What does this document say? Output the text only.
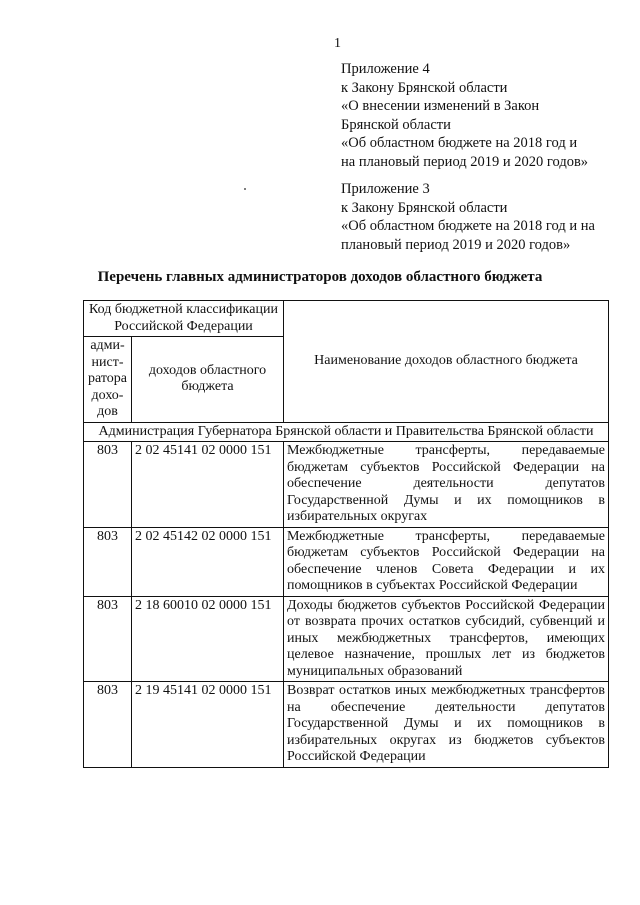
1
Приложение 4
к Закону Брянской области
«О внесении изменений в Закон
Брянской области
«Об областном бюджете на 2018 год и
на плановый период 2019 и 2020 годов»
Приложение 3
к Закону Брянской области
«Об областном бюджете на 2018 год и на
плановый период 2019 и 2020 годов»
Перечень главных администраторов доходов областного бюджета
Код бюджетной классификации Российской Федерации		Наименование доходов областного бюджета
адми-нист-ратора дохо-дов	доходов областного бюджета	
Администрация Губернатора Брянской области и Правительства Брянской области		
803	2 02 45141 02 0000 151	Межбюджетные трансферты, передаваемые бюджетам субъектов Российской Федерации на обеспечение деятельности депутатов Государственной Думы и их помощников в избирательных округах
803	2 02 45142 02 0000 151	Межбюджетные трансферты, передаваемые бюджетам субъектов Российской Федерации на обеспечение членов Совета Федерации и их помощников в субъектах Российской Федерации
803	2 18 60010 02 0000 151	Доходы бюджетов субъектов Российской Федерации от возврата прочих остатков субсидий, субвенций и иных межбюджетных трансфертов, имеющих целевое назначение, прошлых лет из бюджетов муниципальных образований
803	2 19 45141 02 0000 151	Возврат остатков иных межбюджетных трансфертов на обеспечение деятельности депутатов Государственной Думы и их помощников в избирательных округах из бюджетов субъектов Российской Федерации
